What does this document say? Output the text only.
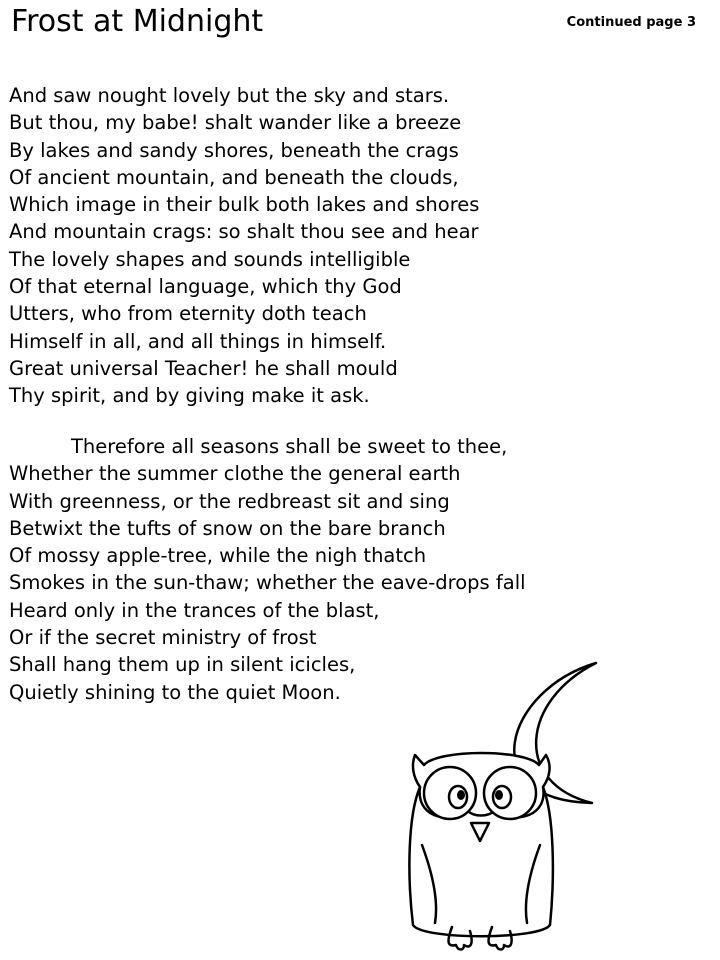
Frost at Midnight	Continued page 3
And saw nought lovely but the sky and stars.
But thou, my babe! shalt wander like a breeze
By lakes and sandy shores, beneath the crags
Of ancient mountain, and beneath the clouds,
Which image in their bulk both lakes and shores
And mountain crags: so shalt thou see and hear
The lovely shapes and sounds intelligible
Of that eternal language, which thy God
Utters, who from eternity doth teach
Himself in all, and all things in himself.
Great universal Teacher! he shall mould
Thy spirit, and by giving make it ask.
Therefore all seasons shall be sweet to thee,
Whether the summer clothe the general earth
With greenness, or the redbreast sit and sing
Betwixt the tufts of snow on the bare branch
Of mossy apple-tree, while the nigh thatch
Smokes in the sun-thaw; whether the eave-drops fall
Heard only in the trances of the blast,
Or if the secret ministry of frost
Shall hang them up in silent icicles,
Quietly shining to the quiet Moon.
